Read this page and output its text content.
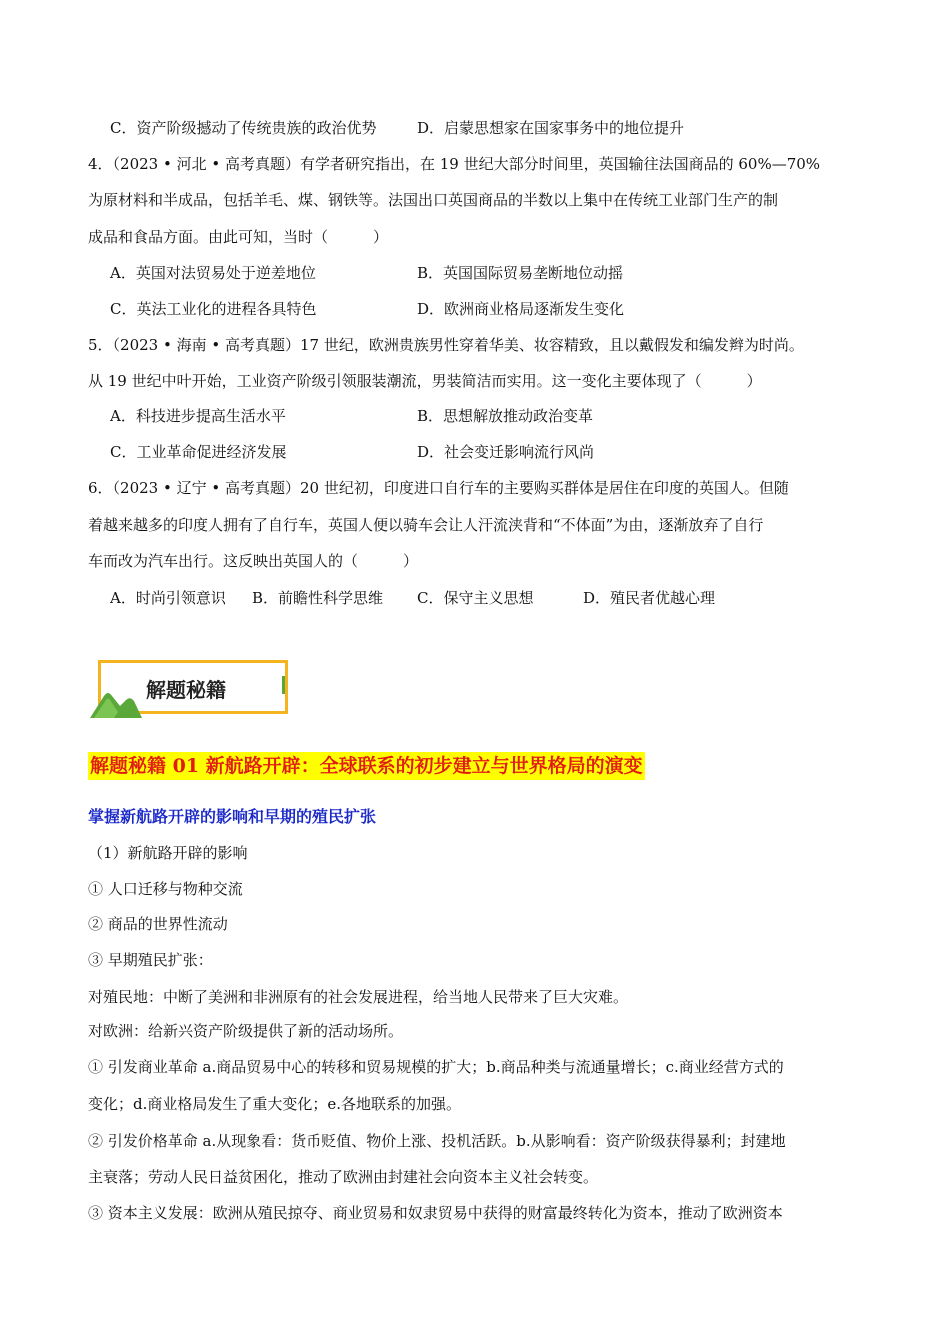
C．资产阶级撼动了传统贵族的政治优势	D．启蒙思想家在国家事务中的地位提升
4．（2023 • 河北 • 高考真题）有学者研究指出，在 19 世纪大部分时间里，英国输往法国商品的 60%—70%
为原材料和半成品，包括羊毛、煤、钢铁等。法国出口英国商品的半数以上集中在传统工业部门生产的制
成品和食品方面。由此可知，当时（　　　）
A．英国对法贸易处于逆差地位	B．英国国际贸易垄断地位动摇
C．英法工业化的进程各具特色	D．欧洲商业格局逐渐发生变化
5．（2023 • 海南 • 高考真题）17 世纪，欧洲贵族男性穿着华美、妆容精致，且以戴假发和编发辫为时尚。
从 19 世纪中叶开始，工业资产阶级引领服装潮流，男装简洁而实用。这一变化主要体现了（　　　）
A．科技进步提高生活水平	B．思想解放推动政治变革
C．工业革命促进经济发展	D．社会变迁影响流行风尚
6．（2023 • 辽宁 • 高考真题）20 世纪初，印度进口自行车的主要购买群体是居住在印度的英国人。但随
着越来越多的印度人拥有了自行车，英国人便以骑车会让人汗流浃背和“不体面”为由，逐渐放弃了自行
车而改为汽车出行。这反映出英国人的（　　　）
A．时尚引领意识 B．前瞻性科学思维 C．保守主义思想	D．殖民者优越心理
解题秘籍
解题秘籍 01 新航路开辟：全球联系的初步建立与世界格局的演变
掌握新航路开辟的影响和早期的殖民扩张
（1）新航路开辟的影响
① 人口迁移与物种交流
② 商品的世界性流动
③ 早期殖民扩张：
对殖民地：中断了美洲和非洲原有的社会发展进程，给当地人民带来了巨大灾难。
对欧洲：给新兴资产阶级提供了新的活动场所。
① 引发商业革命 a.商品贸易中心的转移和贸易规模的扩大；b.商品种类与流通量增长；c.商业经营方式的
变化；d.商业格局发生了重大变化；e.各地联系的加强。
② 引发价格革命 a.从现象看：货币贬值、物价上涨、投机活跃。b.从影响看：资产阶级获得暴利；封建地
主衰落；劳动人民日益贫困化，推动了欧洲由封建社会向资本主义社会转变。
③ 资本主义发展：欧洲从殖民掠夺、商业贸易和奴隶贸易中获得的财富最终转化为资本，推动了欧洲资本
